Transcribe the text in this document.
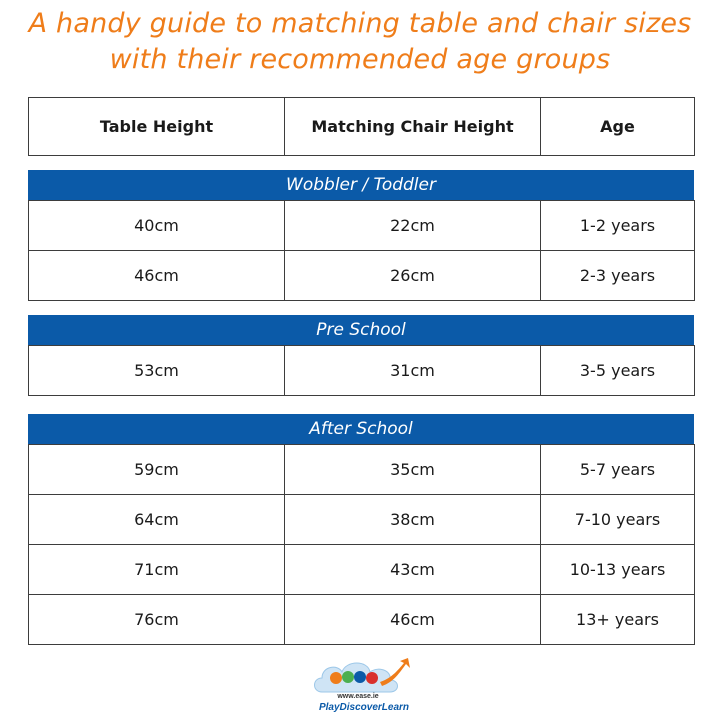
A handy guide to matching table and chair sizes
with their recommended age groups
Table Height	Matching Chair Height	Age
Wobbler / Toddler
40cm	22cm	1-2 years
46cm	26cm	2-3 years
Pre School
53cm	31cm	3-5 years
After School
59cm	35cm	5-7 years
64cm	38cm	7-10 years
71cm	43cm	10-13 years
76cm	46cm	13+ years
www.ease.ie
PlayDiscoverLearn
